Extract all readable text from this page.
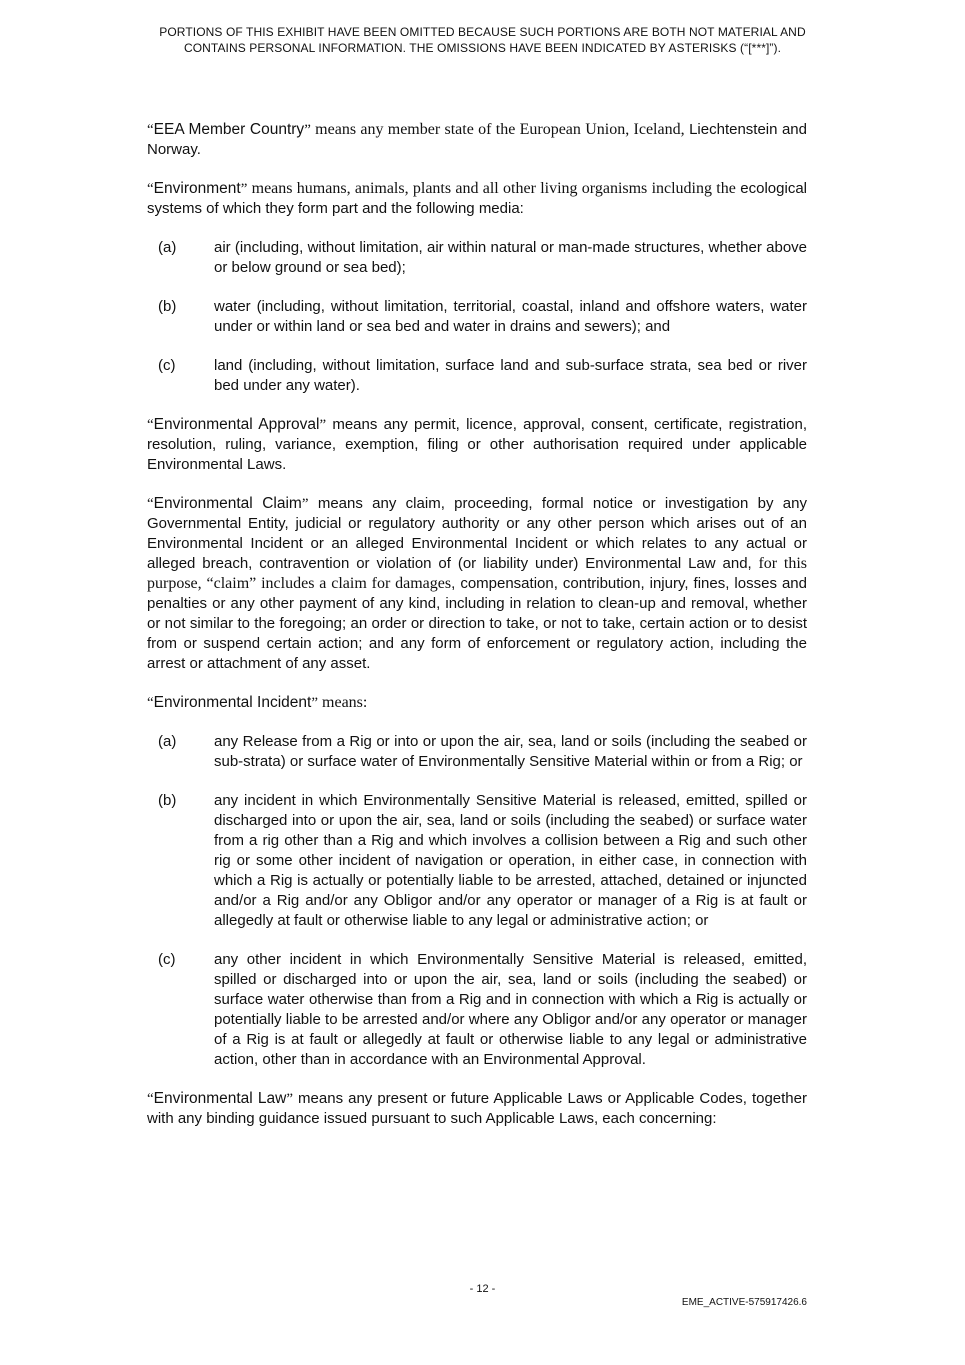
PORTIONS OF THIS EXHIBIT HAVE BEEN OMITTED BECAUSE SUCH PORTIONS ARE BOTH NOT MATERIAL AND
CONTAINS PERSONAL INFORMATION. THE OMISSIONS HAVE BEEN INDICATED BY ASTERISKS (“[***]”).

“EEA Member Country” means any member state of the European Union, Iceland, Liechtenstein and Norway.

“Environment” means humans, animals, plants and all other living organisms including the ecological systems of which they form part and the following media:

(a)	air (including, without limitation, air within natural or man-made structures, whether above or below ground or sea bed);
(b)	water (including, without limitation, territorial, coastal, inland and offshore waters, water under or within land or sea bed and water in drains and sewers); and
(c)	land (including, without limitation, surface land and sub-surface strata, sea bed or river bed under any water).

“Environmental Approval” means any permit, licence, approval, consent, certificate, registration, resolution, ruling, variance, exemption, filing or other authorisation required under applicable Environmental Laws.

“Environmental Claim” means any claim, proceeding, formal notice or investigation by any Governmental Entity, judicial or regulatory authority or any other person which arises out of an Environmental Incident or an alleged Environmental Incident or which relates to any actual or alleged breach, contravention or violation of (or liability under) Environmental Law and, for this purpose, “claim” includes a claim for damages, compensation, contribution, injury, fines, losses and penalties or any other payment of any kind, including in relation to clean-up and removal, whether or not similar to the foregoing; an order or direction to take, or not to take, certain action or to desist from or suspend certain action; and any form of enforcement or regulatory action, including the arrest or attachment of any asset.

“Environmental Incident” means:

(a)	any Release from a Rig or into or upon the air, sea, land or soils (including the seabed or sub-strata) or surface water of Environmentally Sensitive Material within or from a Rig; or
(b)	any incident in which Environmentally Sensitive Material is released, emitted, spilled or discharged into or upon the air, sea, land or soils (including the seabed) or surface water from a rig other than a Rig and which involves a collision between a Rig and such other rig or some other incident of navigation or operation, in either case, in connection with which a Rig is actually or potentially liable to be arrested, attached, detained or injuncted and/or a Rig and/or any Obligor and/or any operator or manager of a Rig is at fault or allegedly at fault or otherwise liable to any legal or administrative action; or
(c)	any other incident in which Environmentally Sensitive Material is released, emitted, spilled or discharged into or upon the air, sea, land or soils (including the seabed) or surface water otherwise than from a Rig and in connection with which a Rig is actually or potentially liable to be arrested and/or where any Obligor and/or any operator or manager of a Rig is at fault or allegedly at fault or otherwise liable to any legal or administrative action, other than in accordance with an Environmental Approval.

“Environmental Law” means any present or future Applicable Laws or Applicable Codes, together with any binding guidance issued pursuant to such Applicable Laws, each concerning:

- 12 -
EME_ACTIVE-575917426.6
